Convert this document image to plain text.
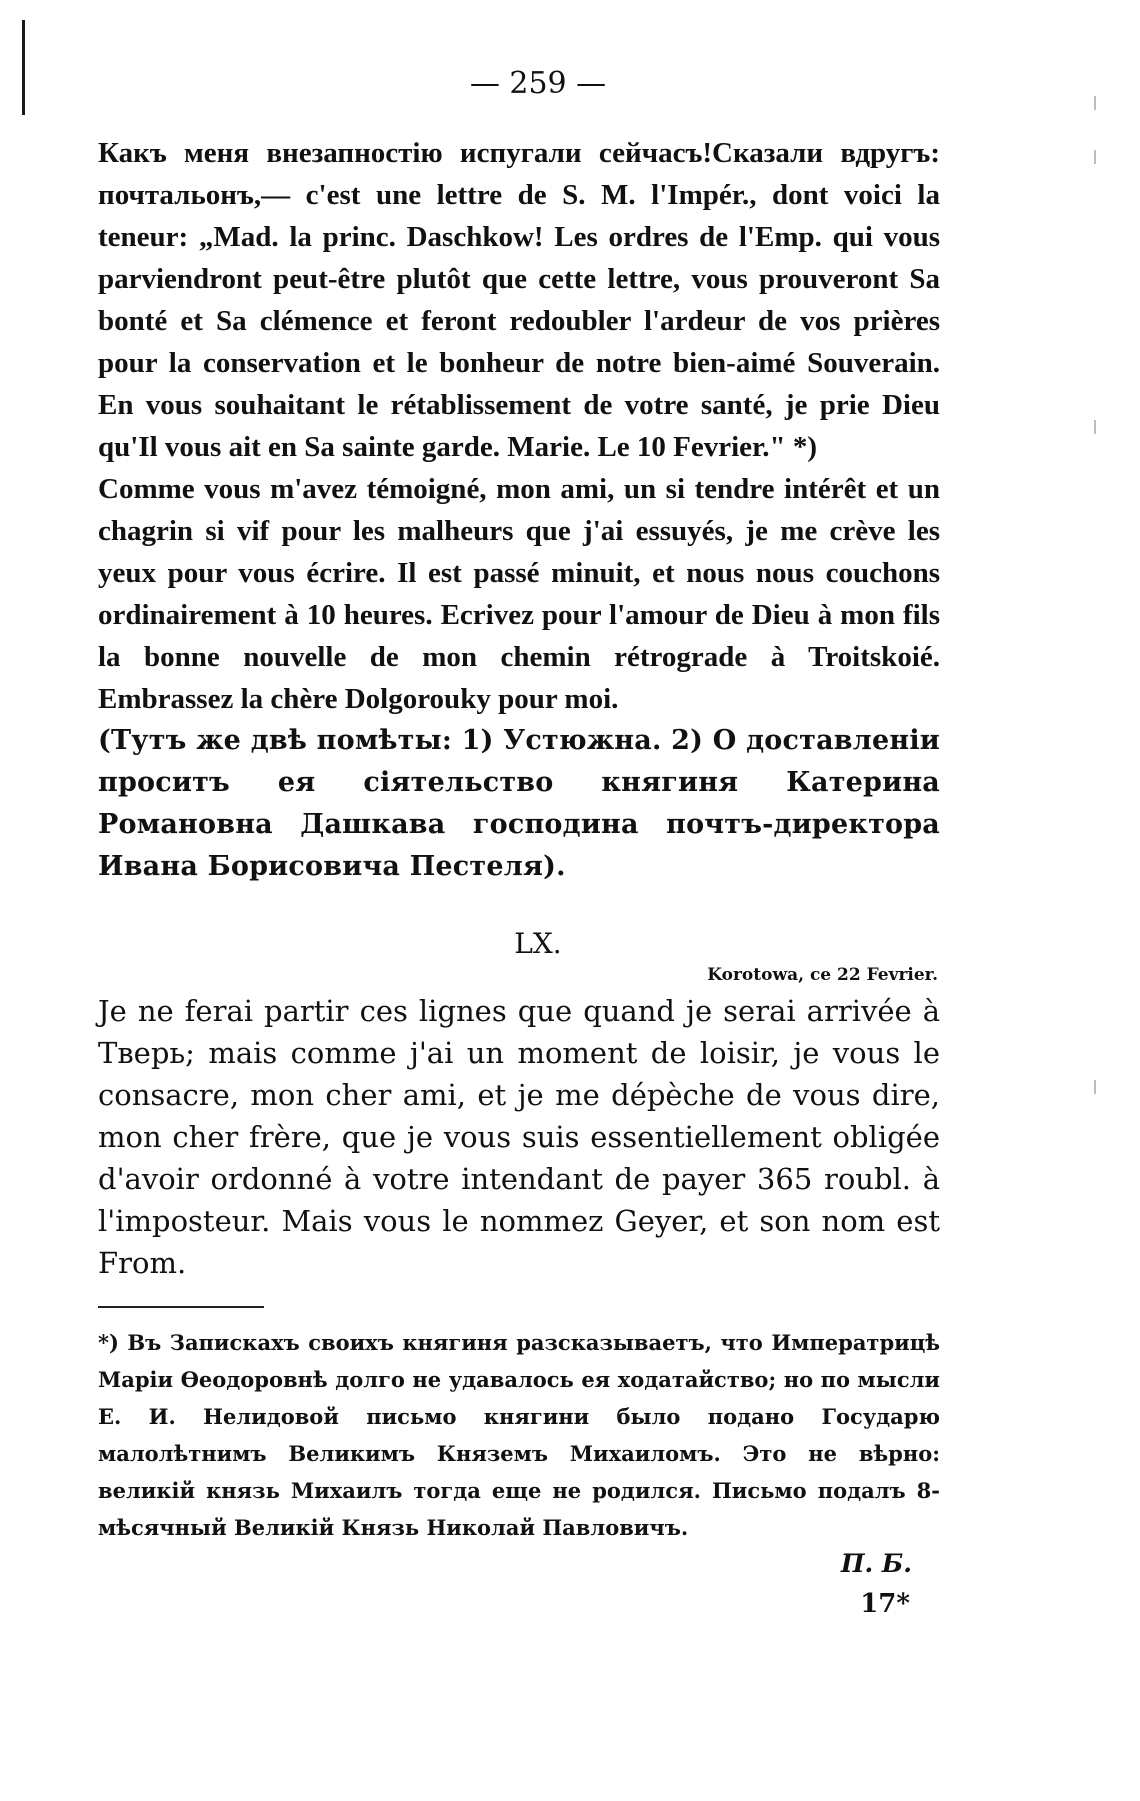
— 259 —

Какъ меня внезапностію испугали сейчасъ!Сказали вдругъ: почтальонъ,— c'est une lettre de S. M. l'Impér., dont voici la teneur: „Mad. la princ. Daschkow! Les ordres de l'Emp. qui vous parviendront peut-être plutôt que cette lettre, vous prouveront Sa bonté et Sa clémence et feront redoubler l'ardeur de vos prières pour la conservation et le bonheur de notre bien-aimé Souverain. En vous souhaitant le rétablissement de votre santé, je prie Dieu qu'Il vous ait en Sa sainte garde. Marie. Le 10 Fevrier." *)

Comme vous m'avez témoigné, mon ami, un si tendre intérêt et un chagrin si vif pour les malheurs que j'ai essuyés, je me crève les yeux pour vous écrire. Il est passé minuit, et nous nous couchons ordinairement à 10 heures. Ecrivez pour l'amour de Dieu à mon fils la bonne nouvelle de mon chemin rétrograde à Troitskoié. Embrassez la chère Dolgorouky pour moi.

(Тутъ же двѣ помѣты: 1) Устюжна. 2) О доставленіи проситъ ея сіятельство княгиня Катерина Романовна Дашкава господина почтъ-директора Ивана Борисовича Пестеля).

LX.
Korotowa, ce 22 Fevrier.

Je ne ferai partir ces lignes que quand je serai arrivée à Тверь; mais comme j'ai un moment de loisir, je vous le consacre, mon cher ami, et je me dépèche de vous dire, mon cher frère, que je vous suis essentiellement obligée d'avoir ordonné à votre intendant de payer 365 roubl. à l'imposteur. Mais vous le nommez Geyer, et son nom est From.

*) Въ Запискахъ своихъ княгиня разсказываетъ, что Императрицѣ Маріи Ѳеодоровнѣ долго не удавалось ея ходатайство; но по мысли Е. И. Нелидовой письмо княгини было подано Государю малолѣтнимъ Великимъ Княземъ Михаиломъ. Это не вѣрно: великій князь Михаилъ тогда еще не родился. Письмо подалъ 8-мѣсячный Великій Князь Николай Павловичъ.

П. Б.
17*
